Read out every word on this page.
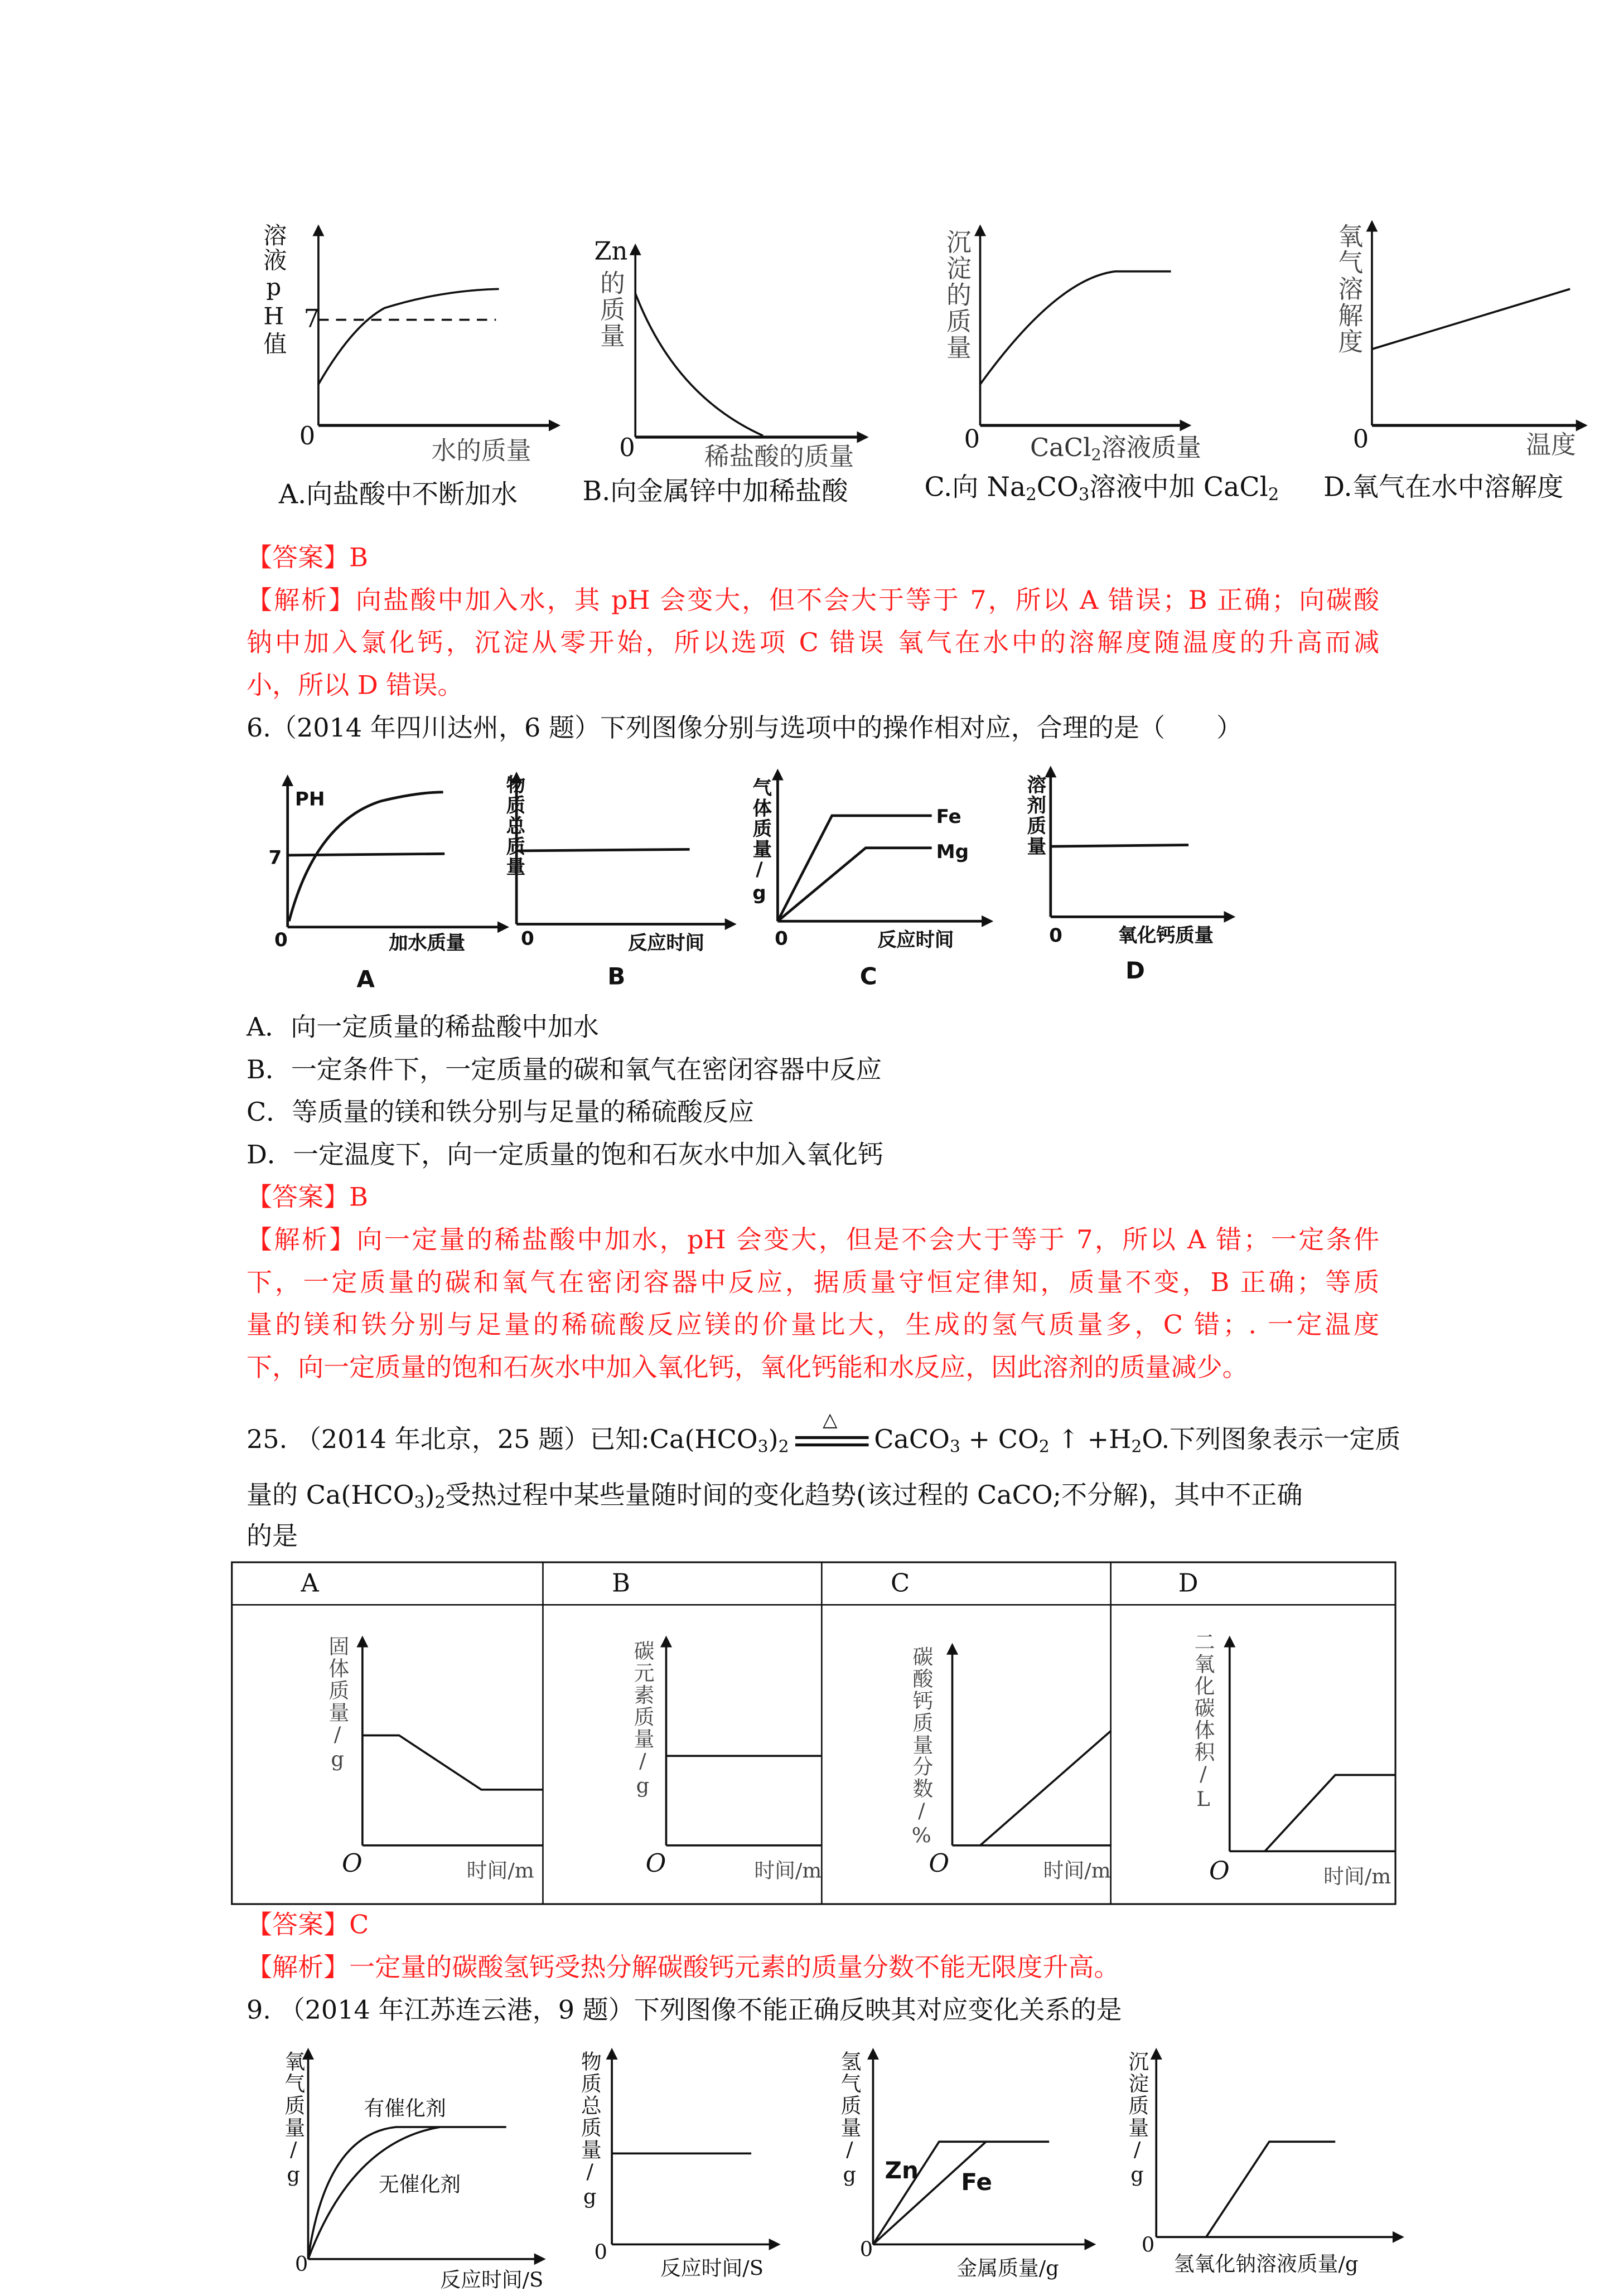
溶液pH值 7
0	水的质量
A.向盐酸中不断加水
Zn
的质量
0	稀盐酸的质量
B.向金属锌中加稀盐酸
沉淀的质量
0	CaCl$_2$溶液质量
C.向 $Na_2CO_3$溶液中加 CaCl$_2$
氧气溶解度
0	温度
D.氧气在水中溶解度
【答案】B
【解析】向盐酸中加入水，其 pH 会变大，但不会大于等于 7，所以 A 错误；B 正确；向碳酸
钠中加入氯化钙，沉淀从零开始，所以选项 C 错误 氧气在水中的溶解度随温度的升高而减
小，所以 D 错误。
6.（2014 年四川达州，6 题）下列图像分别与选项中的操作相对应，合理的是（　　）
PH
7
0	加水质量
A
物质总质量
0	反应时间
B
气体质量/g	Fe
Mg
0	反应时间
C
溶剂质量
0	氧化钙质量
D
A．向一定质量的稀盐酸中加水
B．一定条件下，一定质量的碳和氧气在密闭容器中反应
C．等质量的镁和铁分别与足量的稀硫酸反应
D．一定温度下，向一定质量的饱和石灰水中加入氧化钙
【答案】B
【解析】向一定量的稀盐酸中加水，pH 会变大，但是不会大于等于 7，所以 A 错；一定条件
下，一定质量的碳和氧气在密闭容器中反应，据质量守恒定律知，质量不变，B 正确；等质
量的镁和铁分别与足量的稀硫酸反应镁的价量比大，生成的氢气质量多，C 错；. 一定温度
下，向一定质量的饱和石灰水中加入氧化钙，氧化钙能和水反应，因此溶剂的质量减少。
25. （2014 年北京，25 题）已知$:Ca(HCO_3)_2$
△
CaCO$_3$ + $CO_2$ ↑ $+H_2O$.下列图象表示一定质
量的 $Ca(HCO_3)_2$受热过程中某些量随时间的变化趋势(该过程的 CaCO;不分解)，其中不正确
的是
A	B	C	D
固体质量/g
O	时间/m
碳元素质量/g
O	时间/m
碳酸钙质量分数/%
O	时间/m
二氧化碳体积/L
O	时间/m
【答案】C
【解析】一定量的碳酸氢钙受热分解碳酸钙元素的质量分数不能无限度升高。
9. （2014 年江苏连云港，9 题）下列图像不能正确反映其对应变化关系的是
氧气质量/g	有催化剂
无催化剂
0
反应时间/S
物质总质量/g
0
反应时间/S
氢气质量/g	Zn	Fe
0
金属质量/g
沉淀质量/g
0
氢氧化钠溶液质量/g
